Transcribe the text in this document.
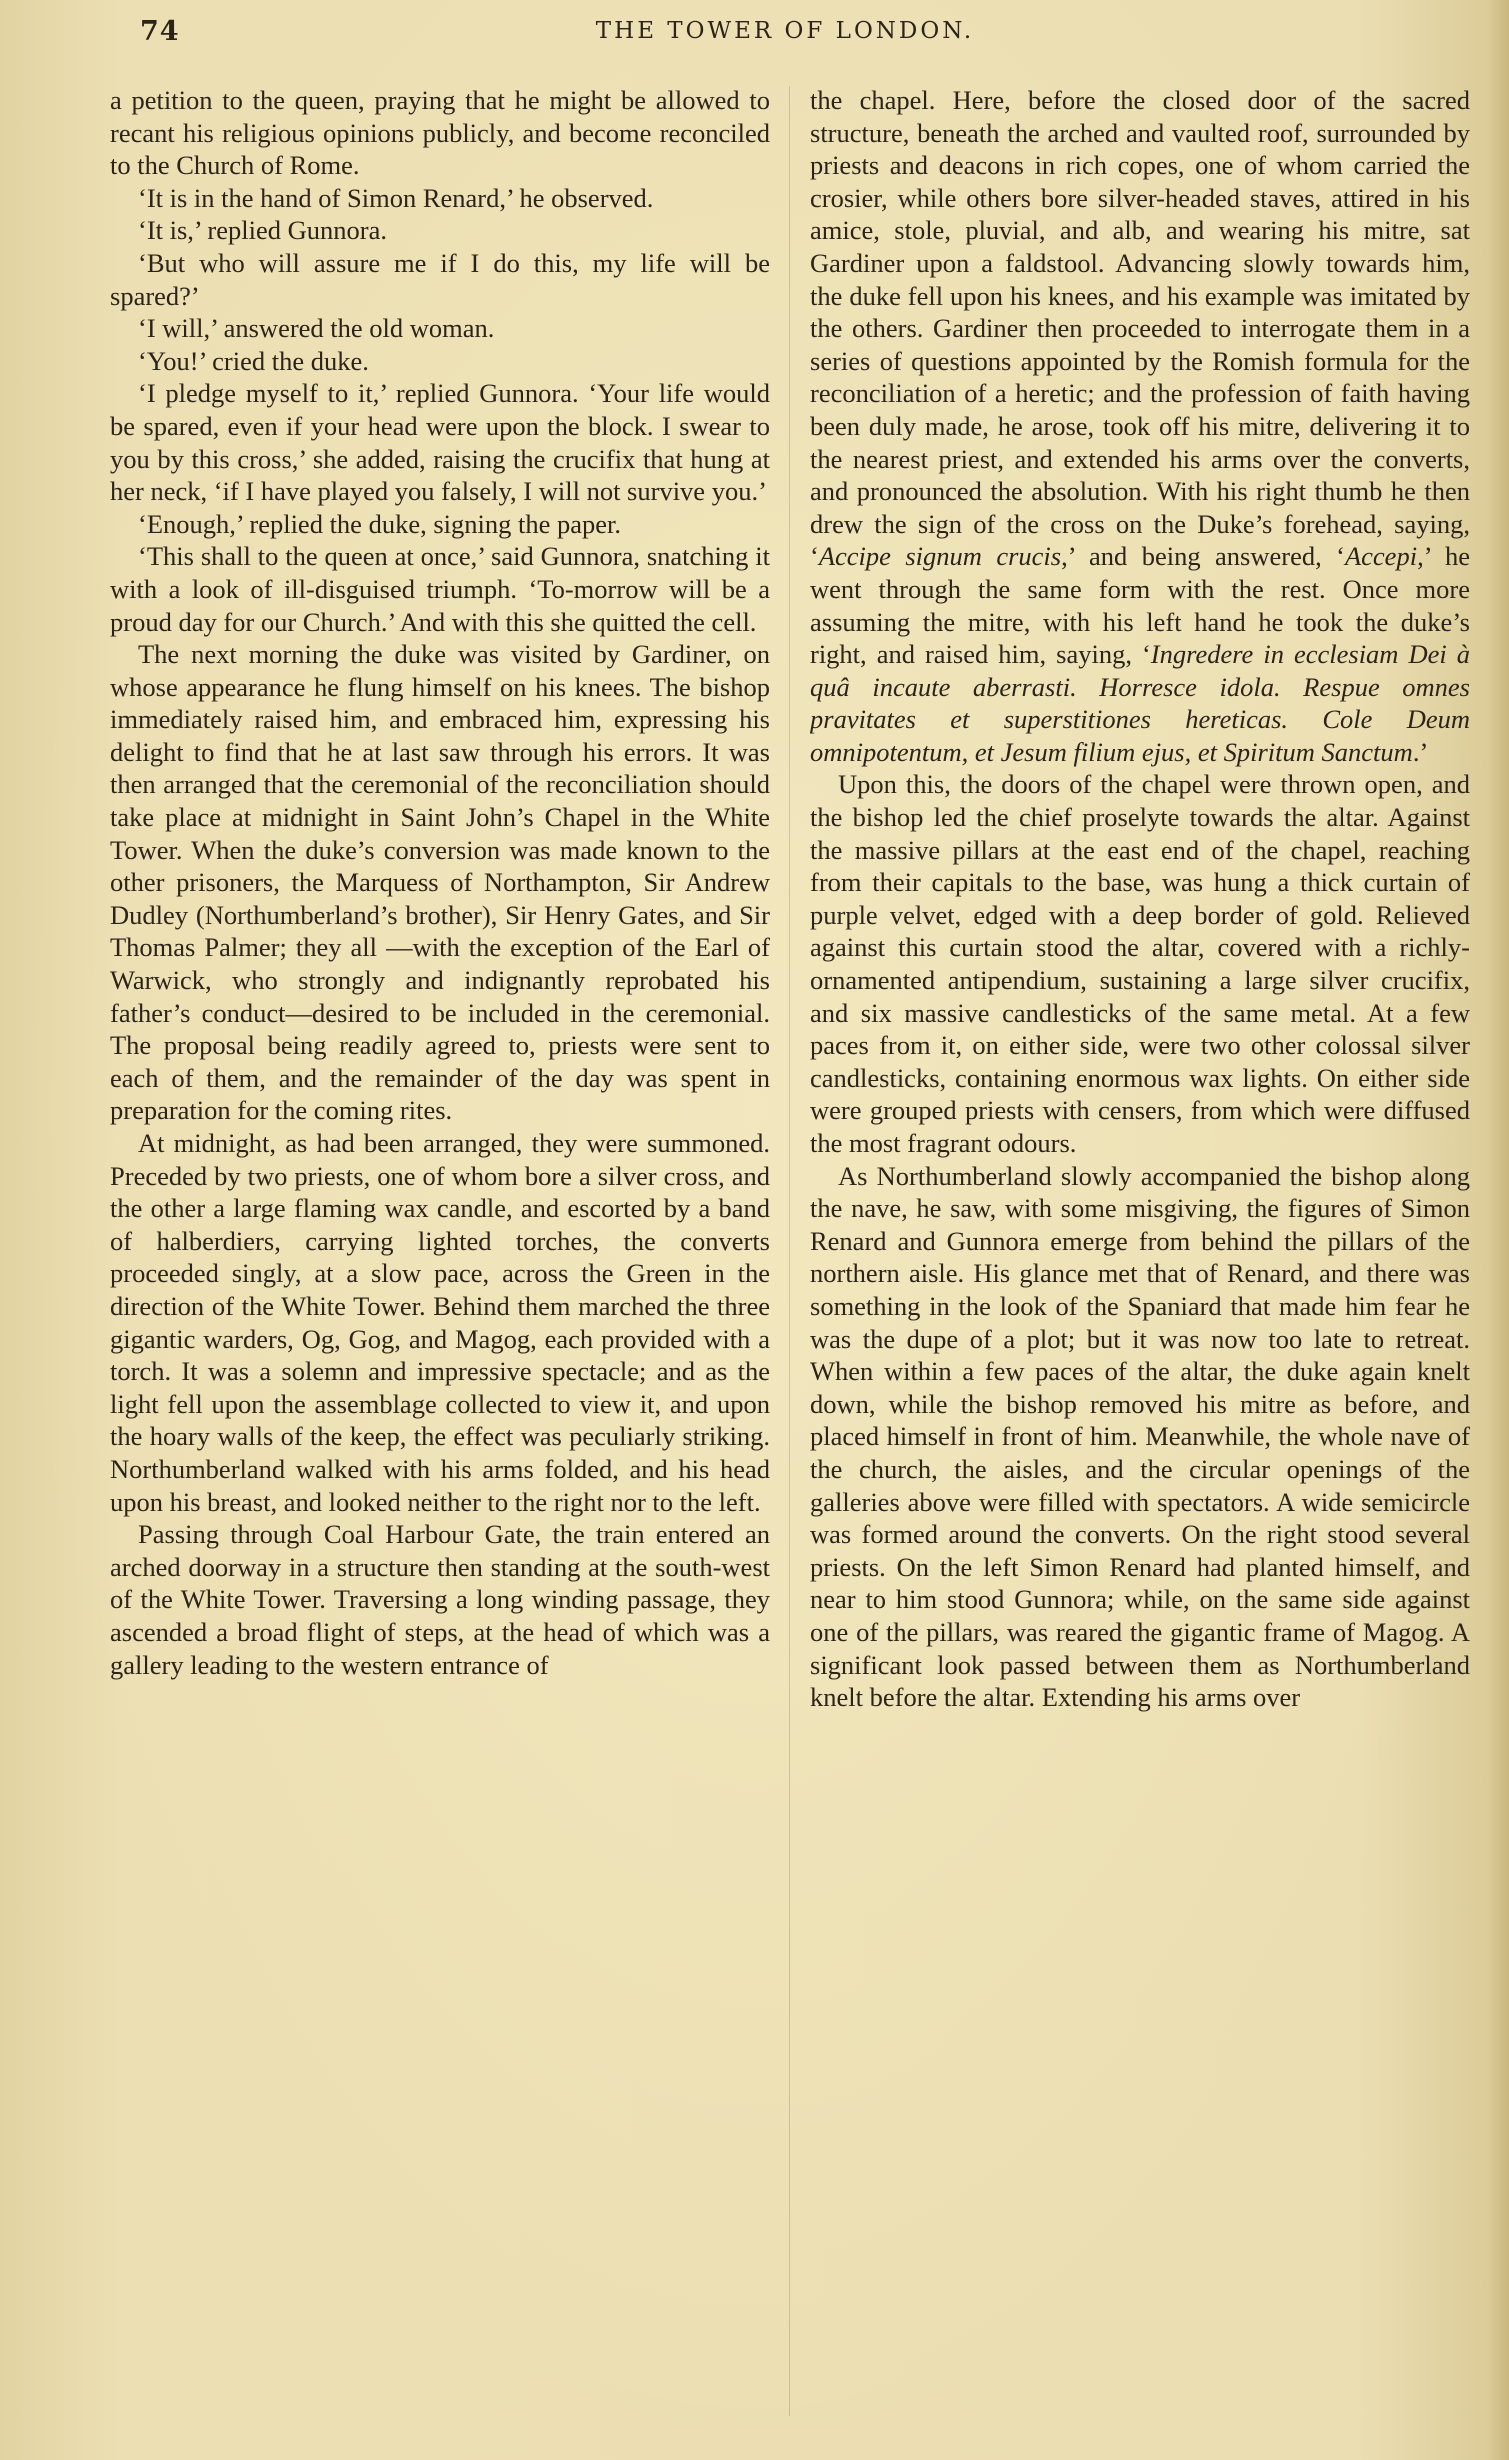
74	THE TOWER OF LONDON.

a petition to the queen, praying that he might be allowed to recant his religious opinions publicly, and become reconciled to the Church of Rome.

‘It is in the hand of Simon Renard,’ he observed.

‘It is,’ replied Gunnora.

‘But who will assure me if I do this, my life will be spared?’

‘I will,’ answered the old woman.

‘You!’ cried the duke.

‘I pledge myself to it,’ replied Gunnora. ‘Your life would be spared, even if your head were upon the block. I swear to you by this cross,’ she added, raising the crucifix that hung at her neck, ‘if I have played you falsely, I will not survive you.’

‘Enough,’ replied the duke, signing the paper.

‘This shall to the queen at once,’ said Gunnora, snatching it with a look of ill-disguised triumph. ‘To-morrow will be a proud day for our Church.’ And with this she quitted the cell.

The next morning the duke was visited by Gardiner, on whose appearance he flung himself on his knees. The bishop immediately raised him, and embraced him, expressing his delight to find that he at last saw through his errors. It was then arranged that the ceremonial of the reconciliation should take place at midnight in Saint John’s Chapel in the White Tower. When the duke’s conversion was made known to the other prisoners, the Marquess of Northampton, Sir Andrew Dudley (Northumberland’s brother), Sir Henry Gates, and Sir Thomas Palmer; they all —with the exception of the Earl of Warwick, who strongly and indignantly reprobated his father’s conduct—desired to be included in the ceremonial. The proposal being readily agreed to, priests were sent to each of them, and the remainder of the day was spent in preparation for the coming rites.

At midnight, as had been arranged, they were summoned. Preceded by two priests, one of whom bore a silver cross, and the other a large flaming wax candle, and escorted by a band of halberdiers, carrying lighted torches, the converts proceeded singly, at a slow pace, across the Green in the direction of the White Tower. Behind them marched the three gigantic warders, Og, Gog, and Magog, each provided with a torch. It was a solemn and impressive spectacle; and as the light fell upon the assemblage collected to view it, and upon the hoary walls of the keep, the effect was peculiarly striking. Northumberland walked with his arms folded, and his head upon his breast, and looked neither to the right nor to the left.

Passing through Coal Harbour Gate, the train entered an arched doorway in a structure then standing at the south-west of the White Tower. Traversing a long winding passage, they ascended a broad flight of steps, at the head of which was a gallery leading to the western entrance of

the chapel. Here, before the closed door of the sacred structure, beneath the arched and vaulted roof, surrounded by priests and deacons in rich copes, one of whom carried the crosier, while others bore silver-headed staves, attired in his amice, stole, pluvial, and alb, and wearing his mitre, sat Gardiner upon a faldstool. Advancing slowly towards him, the duke fell upon his knees, and his example was imitated by the others. Gardiner then proceeded to interrogate them in a series of questions appointed by the Romish formula for the reconciliation of a heretic; and the profession of faith having been duly made, he arose, took off his mitre, delivering it to the nearest priest, and extended his arms over the converts, and pronounced the absolution. With his right thumb he then drew the sign of the cross on the Duke’s forehead, saying, ‘Accipe signum crucis,’ and being answered, ‘Accepi,’ he went through the same form with the rest. Once more assuming the mitre, with his left hand he took the duke’s right, and raised him, saying, ‘Ingredere in ecclesiam Dei à quâ incaute aberrasti. Horresce idola. Respue omnes pravitates et superstitiones hereticas. Cole Deum omnipotentum, et Jesum filium ejus, et Spiritum Sanctum.’

Upon this, the doors of the chapel were thrown open, and the bishop led the chief proselyte towards the altar. Against the massive pillars at the east end of the chapel, reaching from their capitals to the base, was hung a thick curtain of purple velvet, edged with a deep border of gold. Relieved against this curtain stood the altar, covered with a richly-ornamented antipendium, sustaining a large silver crucifix, and six massive candlesticks of the same metal. At a few paces from it, on either side, were two other colossal silver candlesticks, containing enormous wax lights. On either side were grouped priests with censers, from which were diffused the most fragrant odours.

As Northumberland slowly accompanied the bishop along the nave, he saw, with some misgiving, the figures of Simon Renard and Gunnora emerge from behind the pillars of the northern aisle. His glance met that of Renard, and there was something in the look of the Spaniard that made him fear he was the dupe of a plot; but it was now too late to retreat. When within a few paces of the altar, the duke again knelt down, while the bishop removed his mitre as before, and placed himself in front of him. Meanwhile, the whole nave of the church, the aisles, and the circular openings of the galleries above were filled with spectators. A wide semicircle was formed around the converts. On the right stood several priests. On the left Simon Renard had planted himself, and near to him stood Gunnora; while, on the same side against one of the pillars, was reared the gigantic frame of Magog. A significant look passed between them as Northumberland knelt before the altar. Extending his arms over
